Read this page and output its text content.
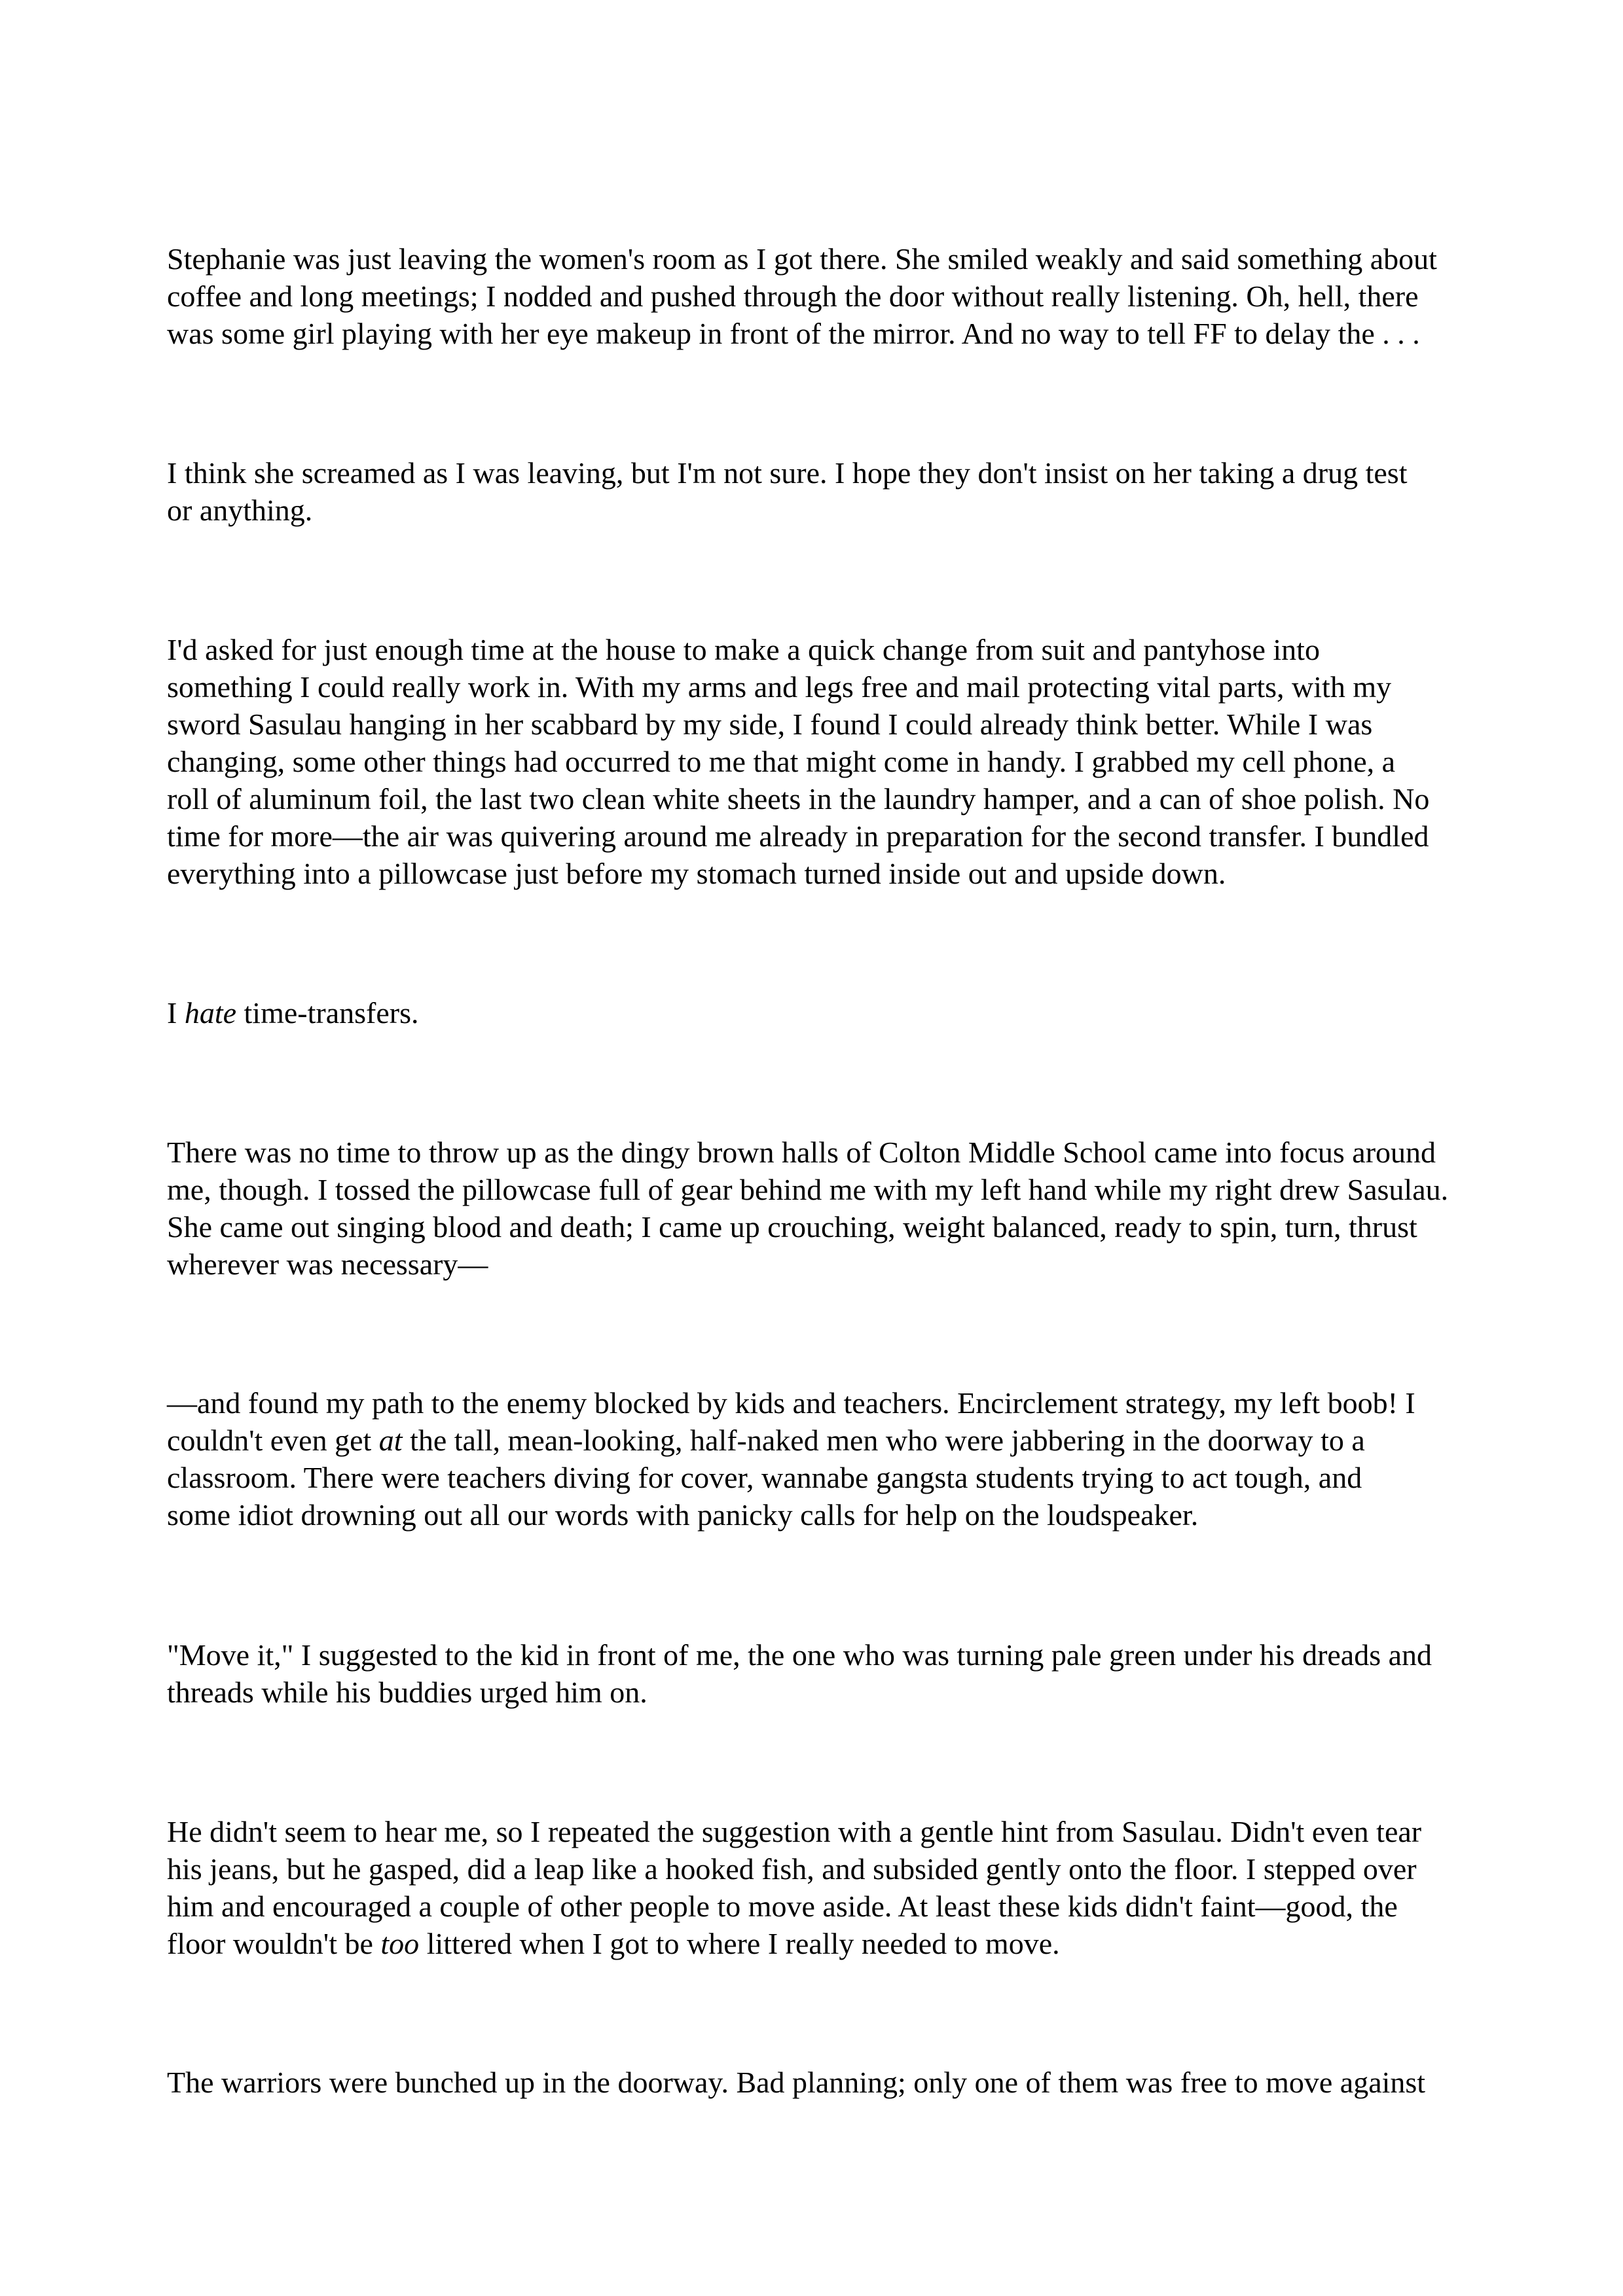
Stephanie was just leaving the women's room as I got there. She smiled weakly and said something about
coffee and long meetings; I nodded and pushed through the door without really listening. Oh, hell, there
was some girl playing with her eye makeup in front of the mirror. And no way to tell FF to delay the . . .

I think she screamed as I was leaving, but I'm not sure. I hope they don't insist on her taking a drug test
or anything.

I'd asked for just enough time at the house to make a quick change from suit and pantyhose into
something I could really work in. With my arms and legs free and mail protecting vital parts, with my
sword Sasulau hanging in her scabbard by my side, I found I could already think better. While I was
changing, some other things had occurred to me that might come in handy. I grabbed my cell phone, a
roll of aluminum foil, the last two clean white sheets in the laundry hamper, and a can of shoe polish. No
time for more—the air was quivering around me already in preparation for the second transfer. I bundled
everything into a pillowcase just before my stomach turned inside out and upside down.

I hate time-transfers.

There was no time to throw up as the dingy brown halls of Colton Middle School came into focus around
me, though. I tossed the pillowcase full of gear behind me with my left hand while my right drew Sasulau.
She came out singing blood and death; I came up crouching, weight balanced, ready to spin, turn, thrust
wherever was necessary—

—and found my path to the enemy blocked by kids and teachers. Encirclement strategy, my left boob! I
couldn't even get at the tall, mean-looking, half-naked men who were jabbering in the doorway to a
classroom. There were teachers diving for cover, wannabe gangsta students trying to act tough, and
some idiot drowning out all our words with panicky calls for help on the loudspeaker.

"Move it," I suggested to the kid in front of me, the one who was turning pale green under his dreads and
threads while his buddies urged him on.

He didn't seem to hear me, so I repeated the suggestion with a gentle hint from Sasulau. Didn't even tear
his jeans, but he gasped, did a leap like a hooked fish, and subsided gently onto the floor. I stepped over
him and encouraged a couple of other people to move aside. At least these kids didn't faint—good, the
floor wouldn't be too littered when I got to where I really needed to move.

The warriors were bunched up in the doorway. Bad planning; only one of them was free to move against
